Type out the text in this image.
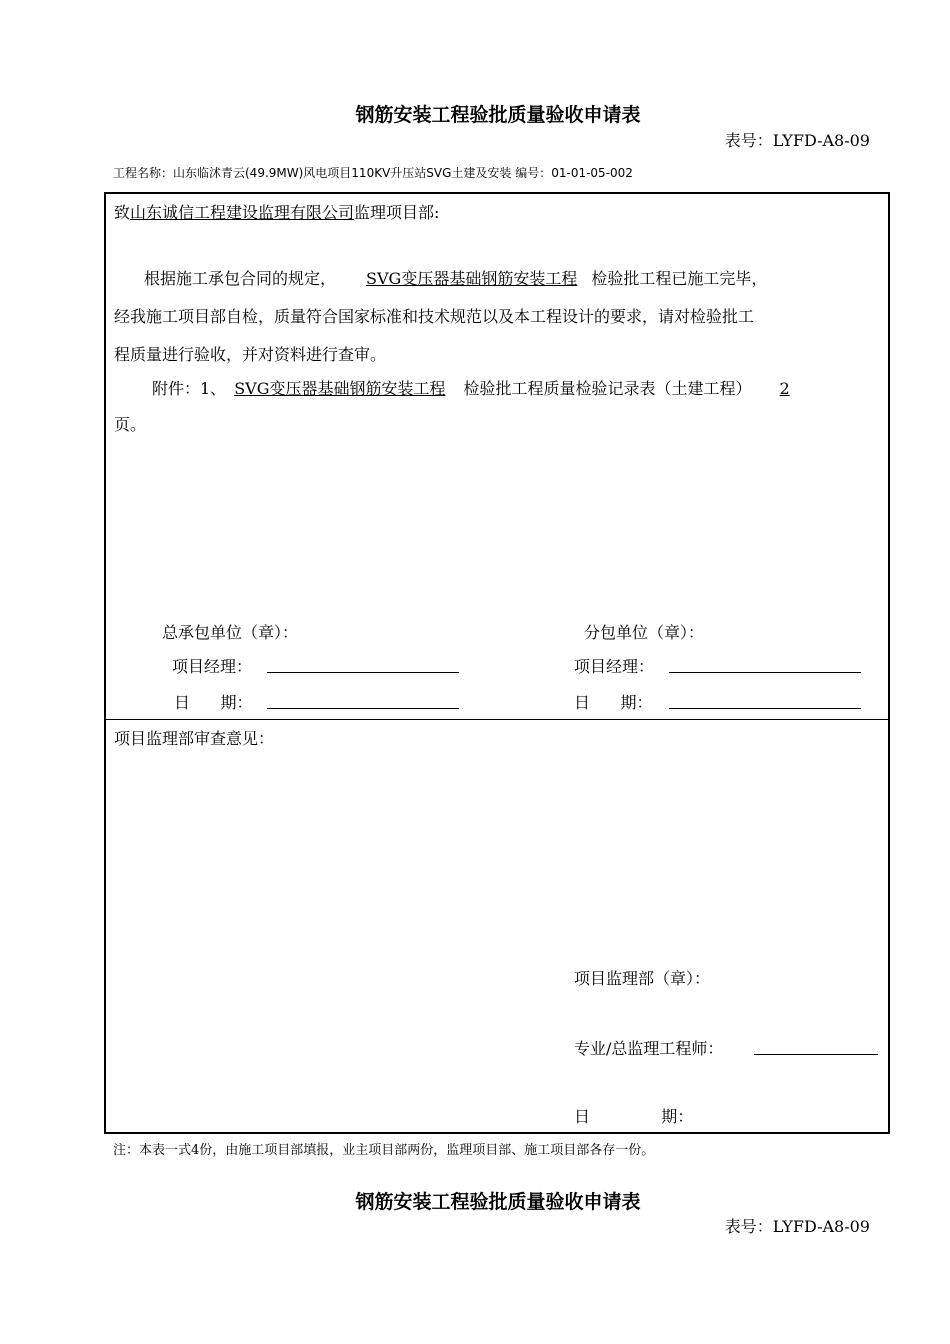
钢筋安装工程验批质量验收申请表
表号：LYFD-A8-09
工程名称：山东临沭青云(49.9MW)风电项目110KV升压站SVG土建及安装 编号：01-01-05-002
致山东诚信工程建设监理有限公司监理项目部:
根据施工承包合同的规定， SVG变压器基础钢筋安装工程 检验批工程已施工完毕，
经我施工项目部自检，质量符合国家标准和技术规范以及本工程设计的要求，请对检验批工
程质量进行验收，并对资料进行查审。
附件：1、 SVG变压器基础钢筋安装工程 检验批工程质量检验记录表（土建工程） 2
页。
总承包单位（章）：	分包单位（章）：
项目经理：	项目经理：
日      期：	日      期：
项目监理部审查意见：
项目监理部（章）：
专业/总监理工程师：
日              期：
注：本表一式4份，由施工项目部填报，业主项目部两份，监理项目部、施工项目部各存一份。
钢筋安装工程验批质量验收申请表
表号：LYFD-A8-09
